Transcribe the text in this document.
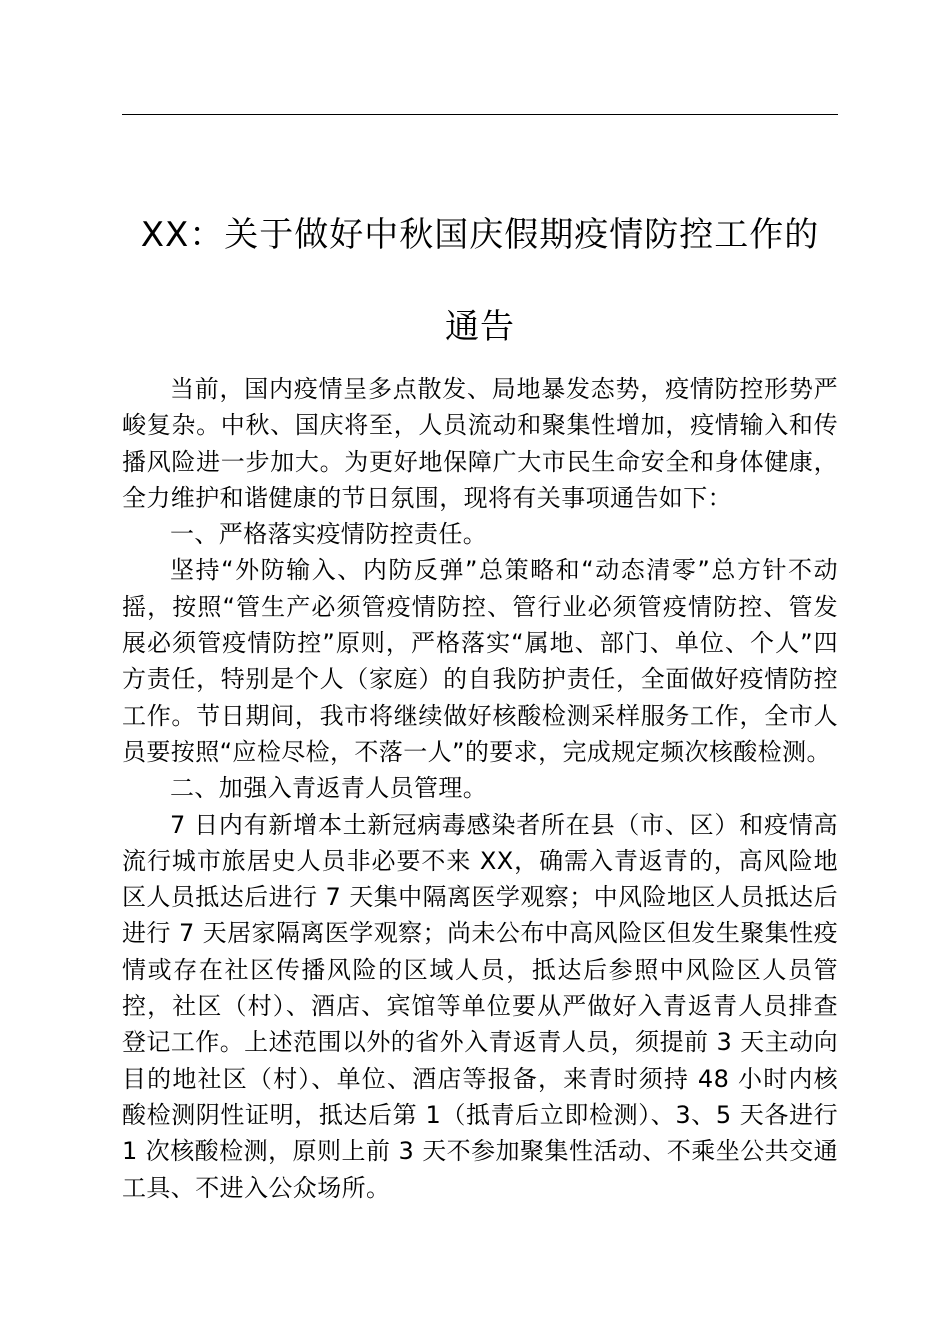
XX：关于做好中秋国庆假期疫情防控工作的
通告

当前，国内疫情呈多点散发、局地暴发态势，疫情防控形势严峻复杂。中秋、国庆将至，人员流动和聚集性增加，疫情输入和传播风险进一步加大。为更好地保障广大市民生命安全和身体健康，全力维护和谐健康的节日氛围，现将有关事项通告如下：

一、严格落实疫情防控责任。

坚持“外防输入、内防反弹”总策略和“动态清零”总方针不动摇，按照“管生产必须管疫情防控、管行业必须管疫情防控、管发展必须管疫情防控”原则，严格落实“属地、部门、单位、个人”四方责任，特别是个人（家庭）的自我防护责任，全面做好疫情防控工作。节日期间，我市将继续做好核酸检测采样服务工作，全市人员要按照“应检尽检，不落一人”的要求，完成规定频次核酸检测。

二、加强入青返青人员管理。

7 日内有新增本土新冠病毒感染者所在县（市、区）和疫情高流行城市旅居史人员非必要不来 XX，确需入青返青的，高风险地区人员抵达后进行 7 天集中隔离医学观察；中风险地区人员抵达后进行 7 天居家隔离医学观察；尚未公布中高风险区但发生聚集性疫情或存在社区传播风险的区域人员，抵达后参照中风险区人员管控，社区（村）、酒店、宾馆等单位要从严做好入青返青人员排查登记工作。上述范围以外的省外入青返青人员，须提前 3 天主动向目的地社区（村）、单位、酒店等报备，来青时须持 48 小时内核酸检测阴性证明，抵达后第 1（抵青后立即检测）、3、5 天各进行 1 次核酸检测，原则上前 3 天不参加聚集性活动、不乘坐公共交通工具、不进入公众场所。
